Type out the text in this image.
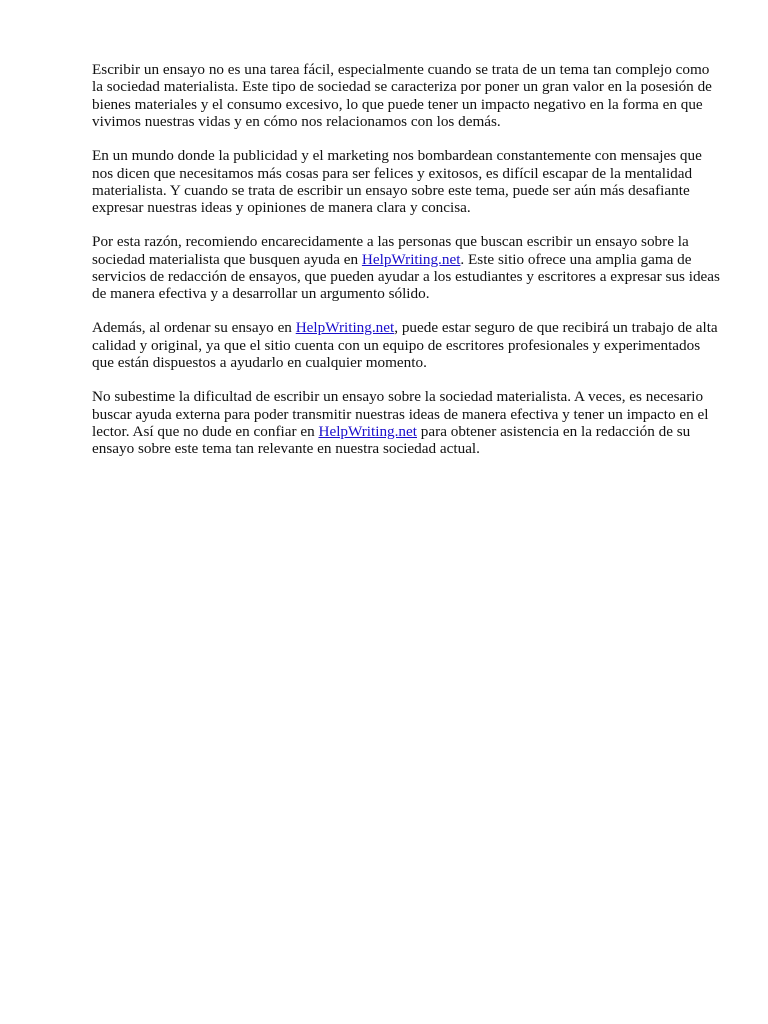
Escribir un ensayo no es una tarea fácil, especialmente cuando se trata de un tema tan complejo como la sociedad materialista. Este tipo de sociedad se caracteriza por poner un gran valor en la posesión de bienes materiales y el consumo excesivo, lo que puede tener un impacto negativo en la forma en que vivimos nuestras vidas y en cómo nos relacionamos con los demás.

En un mundo donde la publicidad y el marketing nos bombardean constantemente con mensajes que nos dicen que necesitamos más cosas para ser felices y exitosos, es difícil escapar de la mentalidad materialista. Y cuando se trata de escribir un ensayo sobre este tema, puede ser aún más desafiante expresar nuestras ideas y opiniones de manera clara y concisa.

Por esta razón, recomiendo encarecidamente a las personas que buscan escribir un ensayo sobre la sociedad materialista que busquen ayuda en HelpWriting.net. Este sitio ofrece una amplia gama de servicios de redacción de ensayos, que pueden ayudar a los estudiantes y escritores a expresar sus ideas de manera efectiva y a desarrollar un argumento sólido.

Además, al ordenar su ensayo en HelpWriting.net, puede estar seguro de que recibirá un trabajo de alta calidad y original, ya que el sitio cuenta con un equipo de escritores profesionales y experimentados que están dispuestos a ayudarlo en cualquier momento.

No subestime la dificultad de escribir un ensayo sobre la sociedad materialista. A veces, es necesario buscar ayuda externa para poder transmitir nuestras ideas de manera efectiva y tener un impacto en el lector. Así que no dude en confiar en HelpWriting.net para obtener asistencia en la redacción de su ensayo sobre este tema tan relevante en nuestra sociedad actual.
